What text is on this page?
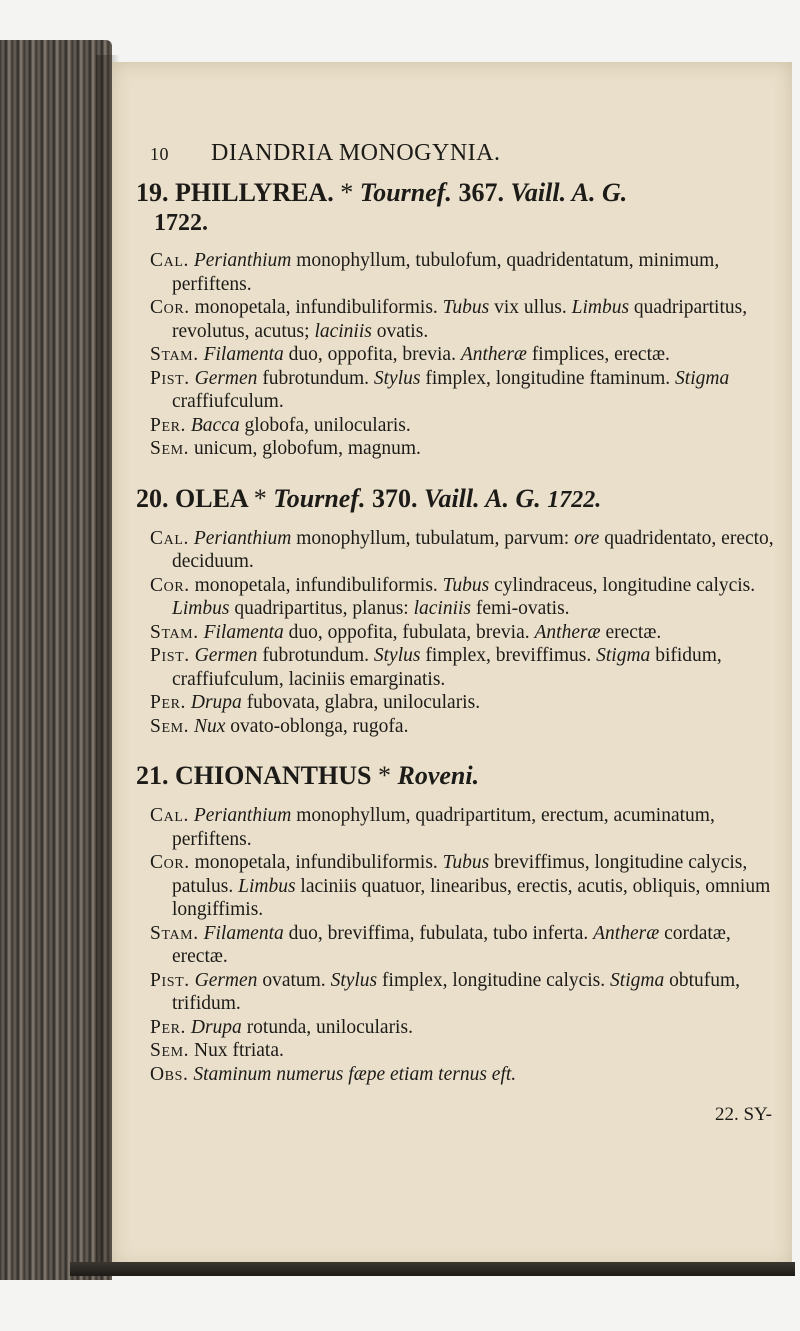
10 DIANDRIA MONOGYNIA.
19. PHILLYREA. * Tournef. 367. Vaill. A. G.
1722.

Cal. Perianthium monophyllum, tubulofum, quadridentatum, minimum, perfiftens.

Cor. monopetala, infundibuliformis. Tubus vix ullus. Limbus quadripartitus, revolutus, acutus; laciniis ovatis.

Stam. Filamenta duo, oppofita, brevia. Antheræ fimplices, erectæ.

Pist. Germen fubrotundum. Stylus fimplex, longitudine ftaminum. Stigma craffiufculum.

Per. Bacca globofa, unilocularis.

Sem. unicum, globofum, magnum.

20. OLEA * Tournef. 370. Vaill. A. G. 1722.

Cal. Perianthium monophyllum, tubulatum, parvum: ore quadridentato, erecto, deciduum.

Cor. monopetala, infundibuliformis. Tubus cylindraceus, longitudine calycis. Limbus quadripartitus, planus: laciniis femi-ovatis.

Stam. Filamenta duo, oppofita, fubulata, brevia. Antheræ erectæ.

Pist. Germen fubrotundum. Stylus fimplex, breviffimus. Stigma bifidum, craffiufculum, laciniis emarginatis.

Per. Drupa fubovata, glabra, unilocularis.

Sem. Nux ovato-oblonga, rugofa.

21. CHIONANTHUS * Roveni.

Cal. Perianthium monophyllum, quadripartitum, erectum, acuminatum, perfiftens.

Cor. monopetala, infundibuliformis. Tubus breviffimus, longitudine calycis, patulus. Limbus laciniis quatuor, linearibus, erectis, acutis, obliquis, omnium longiffimis.

Stam. Filamenta duo, breviffima, fubulata, tubo inferta. Antheræ cordatæ, erectæ.

Pist. Germen ovatum. Stylus fimplex, longitudine calycis. Stigma obtufum, trifidum.

Per. Drupa rotunda, unilocularis.

Sem. Nux ftriata.

Obs. Staminum numerus fæpe etiam ternus eft.

22. SY-
